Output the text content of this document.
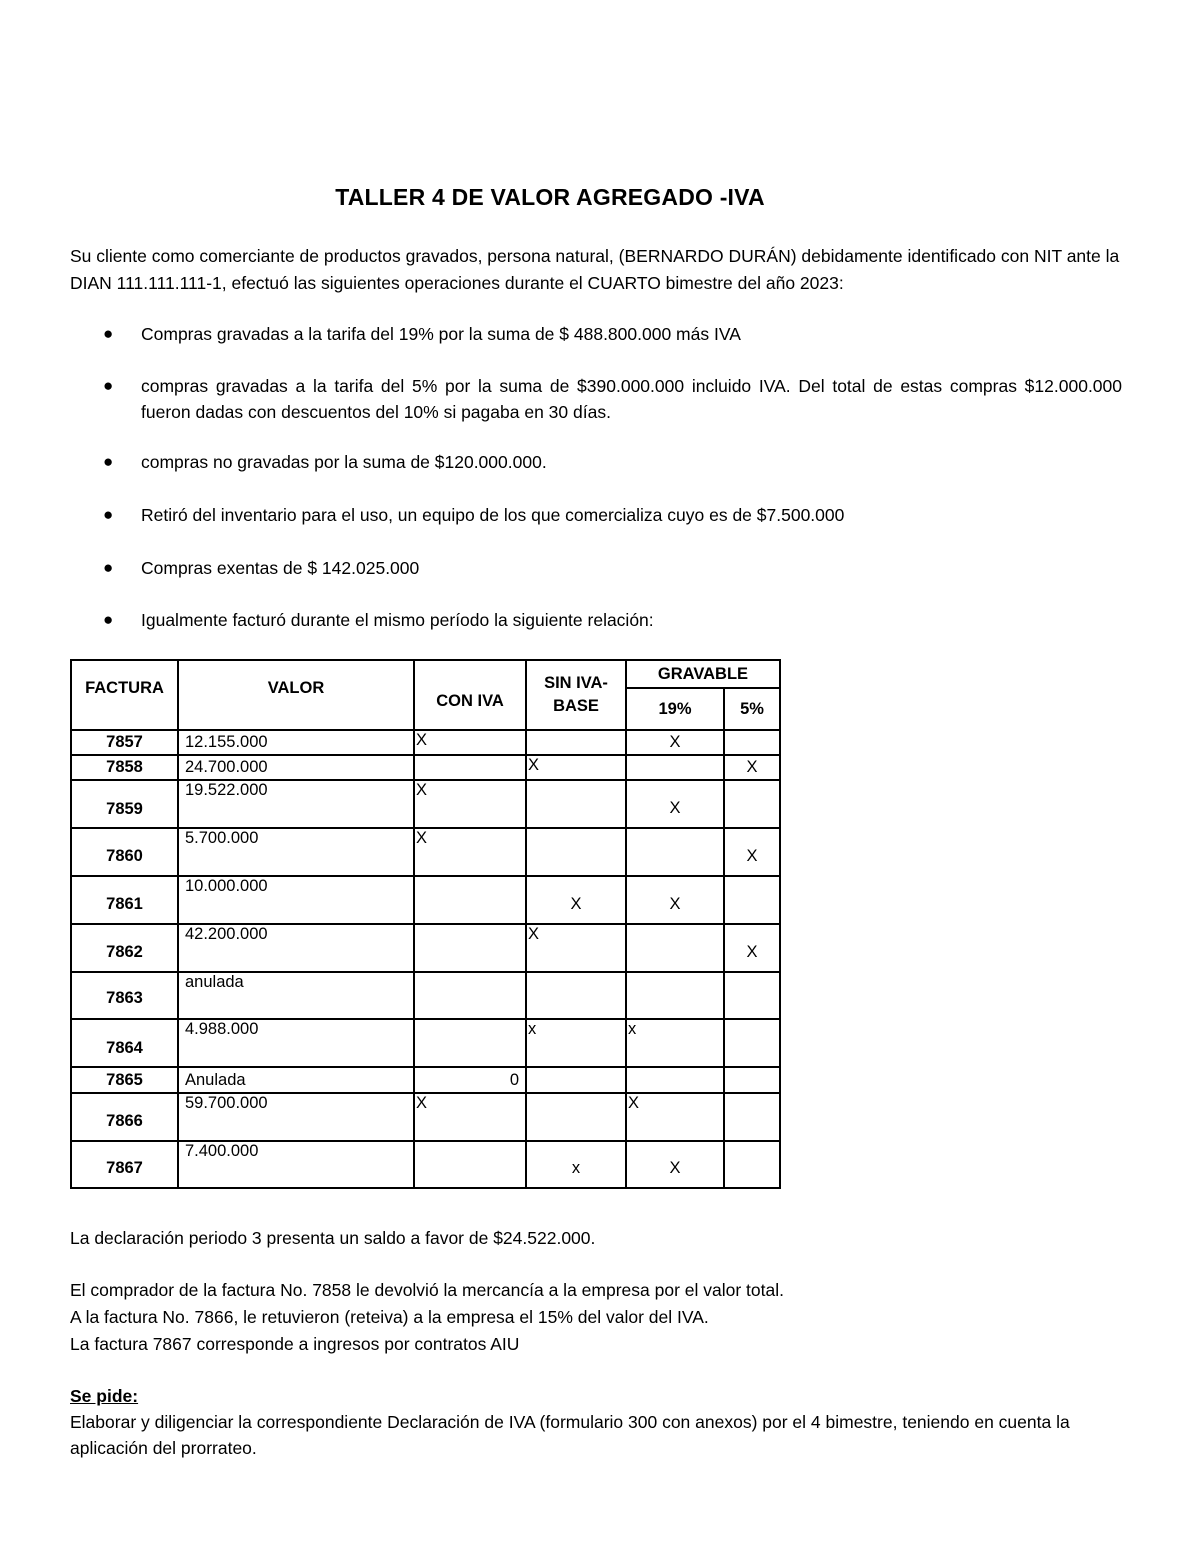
TALLER 4 DE VALOR AGREGADO -IVA

Su cliente como comerciante de productos gravados, persona natural, (BERNARDO DURÁN) debidamente identificado con NIT ante la DIAN 111.111.111-1, efectuó las siguientes operaciones durante el CUARTO bimestre del año 2023:

● Compras gravadas a la tarifa del 19% por la suma de $ 488.800.000 más IVA
● compras gravadas a la tarifa del 5% por la suma de $390.000.000 incluido IVA. Del total de estas compras $12.000.000 fueron dadas con descuentos del 10% si pagaba en 30 días.
● compras no gravadas por la suma de $120.000.000.
● Retiró del inventario para el uso, un equipo de los que comercializa cuyo es de $7.500.000
● Compras exentas de $ 142.025.000
● Igualmente facturó durante el mismo período la siguiente relación:
FACTURA	VALOR	CON IVA	SIN IVA-BASE	GRAVABLE	
				19%	5%
7857	12.155.000	X		X	
7858	24.700.000		X		X
7859	19.522.000	X		X	
7860	5.700.000	X			X
7861	10.000.000		X	X	
7862	42.200.000		X		X
7863	anulada				
7864	4.988.000		x	x	
7865	Anulada	0			
7866	59.700.000	X		X	
7867	7.400.000		x	X	

La declaración periodo 3 presenta un saldo a favor de $24.522.000.

El comprador de la factura No. 7858 le devolvió la mercancía a la empresa por el valor total.

A la factura No. 7866, le retuvieron (reteiva) a la empresa el 15% del valor del IVA.

La factura 7867 corresponde a ingresos por contratos AIU

Se pide:

Elaborar y diligenciar la correspondiente Declaración de IVA (formulario 300 con anexos) por el 4 bimestre, teniendo en cuenta la aplicación del prorrateo.
